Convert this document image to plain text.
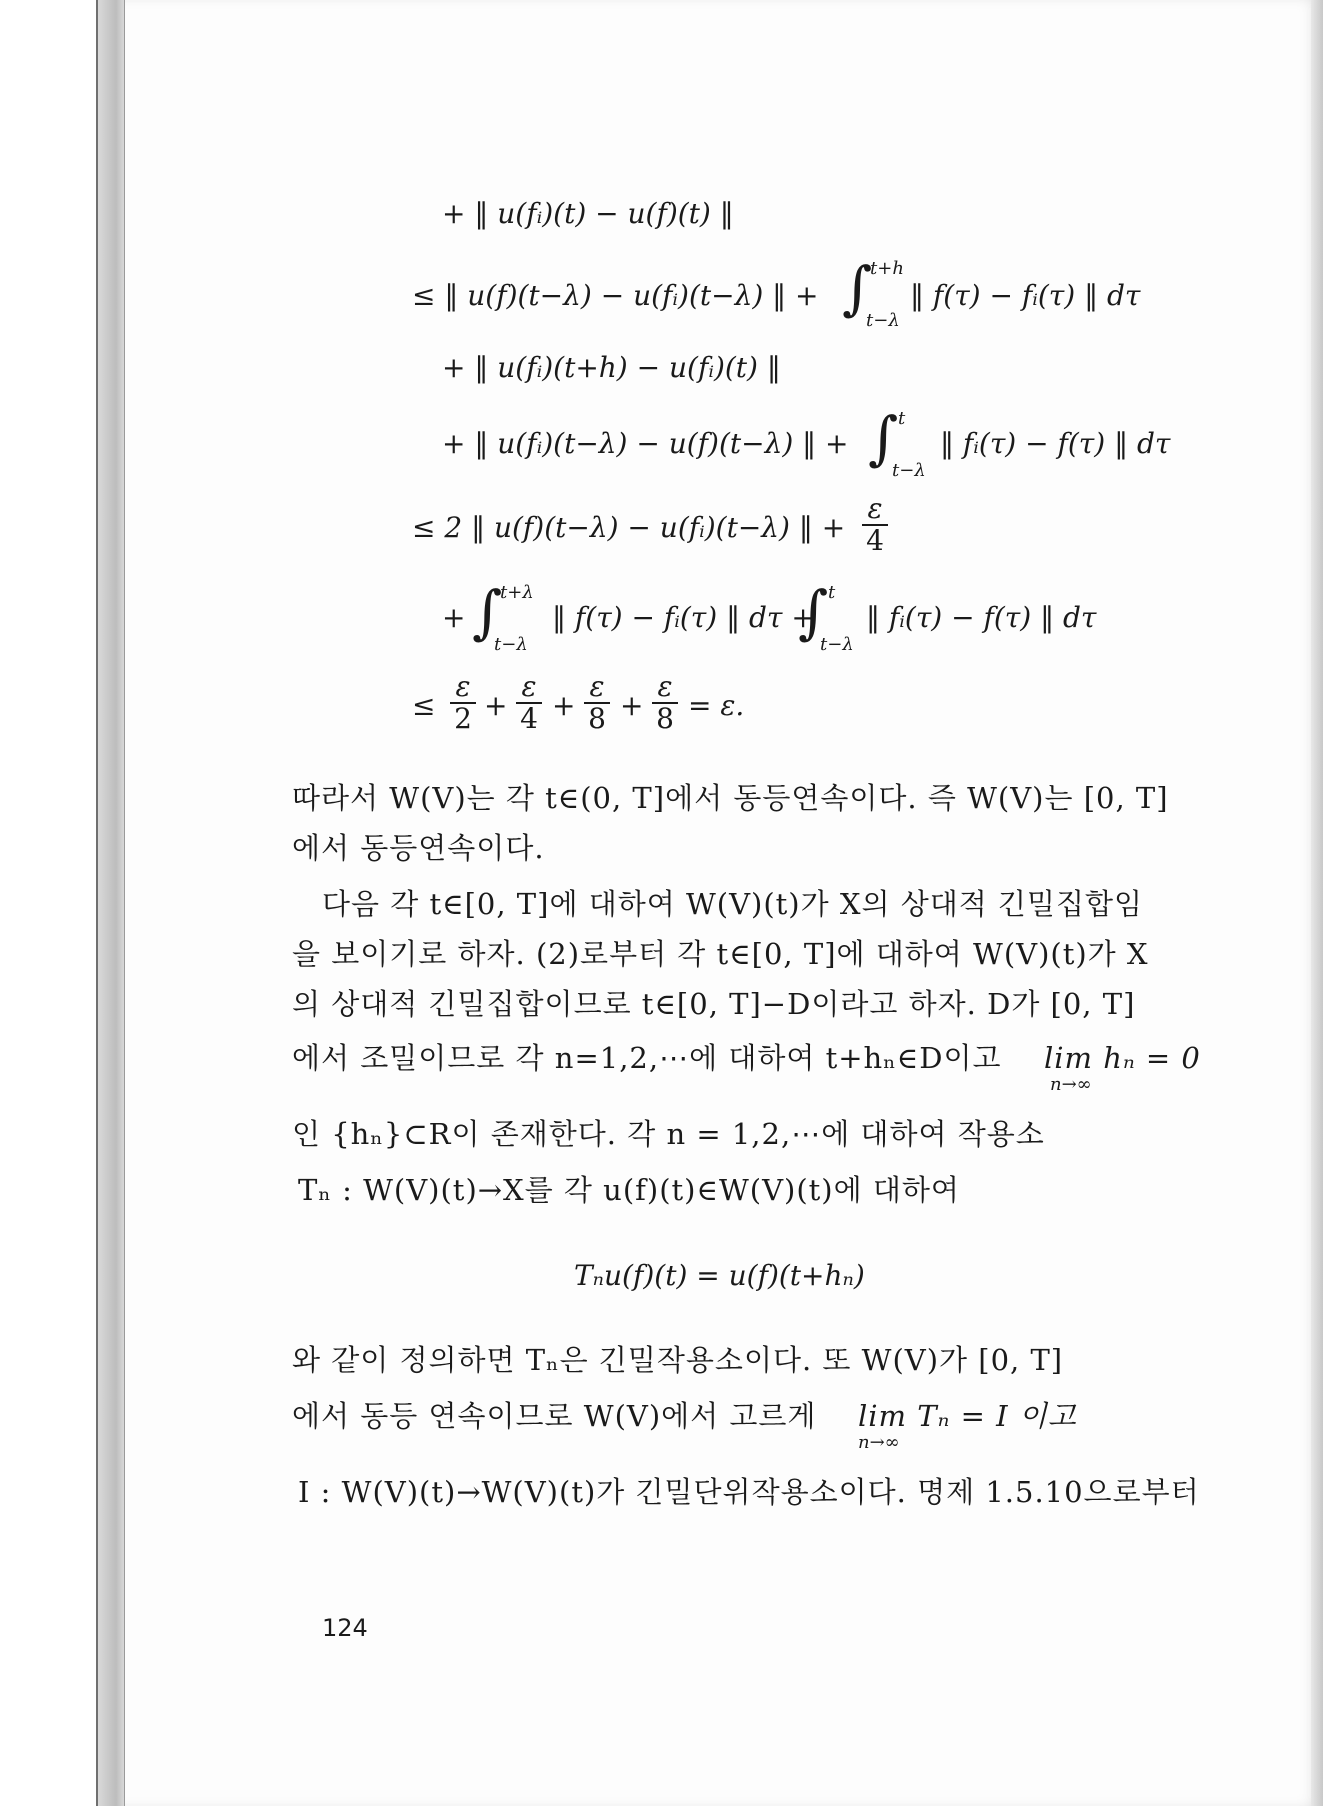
+ ‖ u(fᵢ)(t) − u(f)(t) ‖
≤ ‖ u(f)(t−λ) − u(fᵢ)(t−λ) ‖ + ∫
t+h
t−λ
‖ f(τ) − fᵢ(τ) ‖ dτ
+ ‖ u(fᵢ)(t+h) − u(fᵢ)(t) ‖
+ ‖ u(fᵢ)(t−λ) − u(f)(t−λ) ‖ + ∫ t
t−λ
‖ fᵢ(τ) − f(τ) ‖ dτ
≤ 2 ‖ u(f)(t−λ) − u(fᵢ)(t−λ) ‖ +
ε
4
+ ∫
t+λ
t−λ
‖ f(τ) − fᵢ(τ) ‖ dτ +
∫ t
t−λ
‖ fᵢ(τ) − f(τ) ‖ dτ
≤
ε
2 +
ε
4 +
ε
8 +
ε
8 = ε.
따라서 W(V)는 각 t∈(0, T]에서 동등연속이다. 즉 W(V)는 [0, T]
에서 동등연속이다.
다음 각 t∈[0, T]에 대하여 W(V)(t)가 X의 상대적 긴밀집합임
을 보이기로 하자. (2)로부터 각 t∈[0, T]에 대하여 W(V)(t)가 X
의 상대적 긴밀집합이므로 t∈[0, T]−D이라고 하자. D가 [0, T]
에서 조밀이므로 각 n=1,2,⋯에 대하여 t+hₙ∈D이고 lim hₙ = 0
n→∞
인 {hₙ}⊂R이 존재한다. 각 n = 1,2,⋯에 대하여 작용소
Tₙ : W(V)(t)→X를 각 u(f)(t)∈W(V)(t)에 대하여
Tₙu(f)(t) = u(f)(t+hₙ)
와 같이 정의하면 Tₙ은 긴밀작용소이다. 또 W(V)가 [0, T]
에서 동등 연속이므로 W(V)에서 고르게 lim Tₙ = I 이고
n→∞
I : W(V)(t)→W(V)(t)가 긴밀단위작용소이다. 명제 1.5.10으로부터
124
